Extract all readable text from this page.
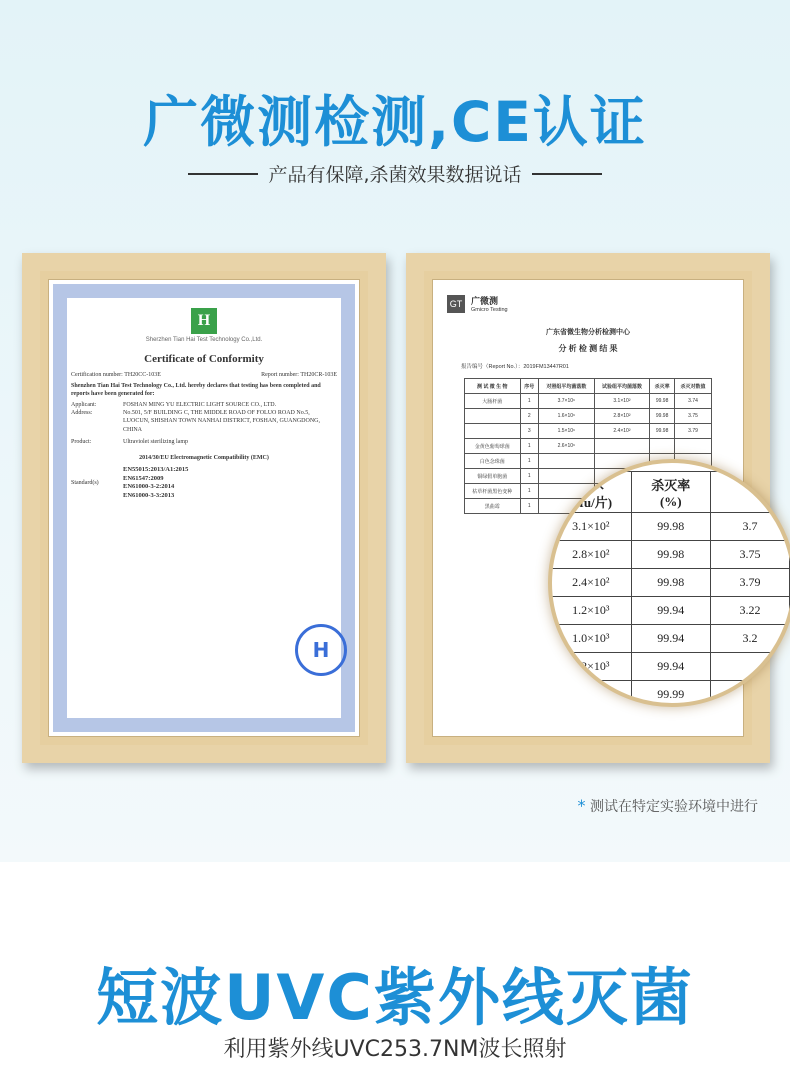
广微测检测,CE认证
产品有保障,杀菌效果数据说话
H
Sherzhen Tian Hai Test Technology Co.,Ltd.
Certificate of Conformity
Certification number: TH20CC-103E	Report number: TH20CR-103E
Shenzhen Tian Hai Test Technology Co., Ltd. hereby declares that testing has been completed and reports have been generated for:
Applicant:	FOSHAN MING YU ELECTRIC LIGHT SOURCE CO., LTD.
Address:	No.501, 5/F BUILDING C, THE MIDDLE ROAD OF FOLUO ROAD No.5, LUOCUN, SHISHAN TOWN NANHAI DISTRICT, FOSHAN, GUANGDONG, CHINA
Product:	Ultraviolet sterilizing lamp
2014/30/EU Electromagnetic Compatibility (EMC)
Standard(s)
EN55015:2013/A1:2015
EN61547:2009
EN61000-3-2:2014
EN61000-3-3:2013
H
GT 广微测
Gmicro Testing
广东省微生物分析检测中心
分 析 检 测 结 果
报告编号（Report No.）：2019FM13447R01
测 试 微 生 物	序号	对照组平均菌落数	试验组平均菌落数	杀灭率	杀灭对数值
大肠杆菌	1	3.7×10⁶	3.1×10²	99.98	3.74
	2	1.6×10⁶	2.8×10²	99.98	3.75
	3	1.5×10⁶	2.4×10²	99.98	3.79
金黄色葡萄球菌	1	2.6×10⁶			
白色念珠菌	1				
铜绿假单胞菌	1				
枯草杆菌黑色变种	1				
黑曲霉	1				
落数
(cfu/片)	杀灭率
(%)	
3.1×10²	99.98	3.7
2.8×10²	99.98	3.75
2.4×10²	99.98	3.79
1.2×10³	99.94	3.22
1.0×10³	99.94	3.2
1.2×10³	99.94	
	99.99	
* 测试在特定实验环境中进行
短波UVC紫外线灭菌
利用紫外线UVC253.7NM波长照射
